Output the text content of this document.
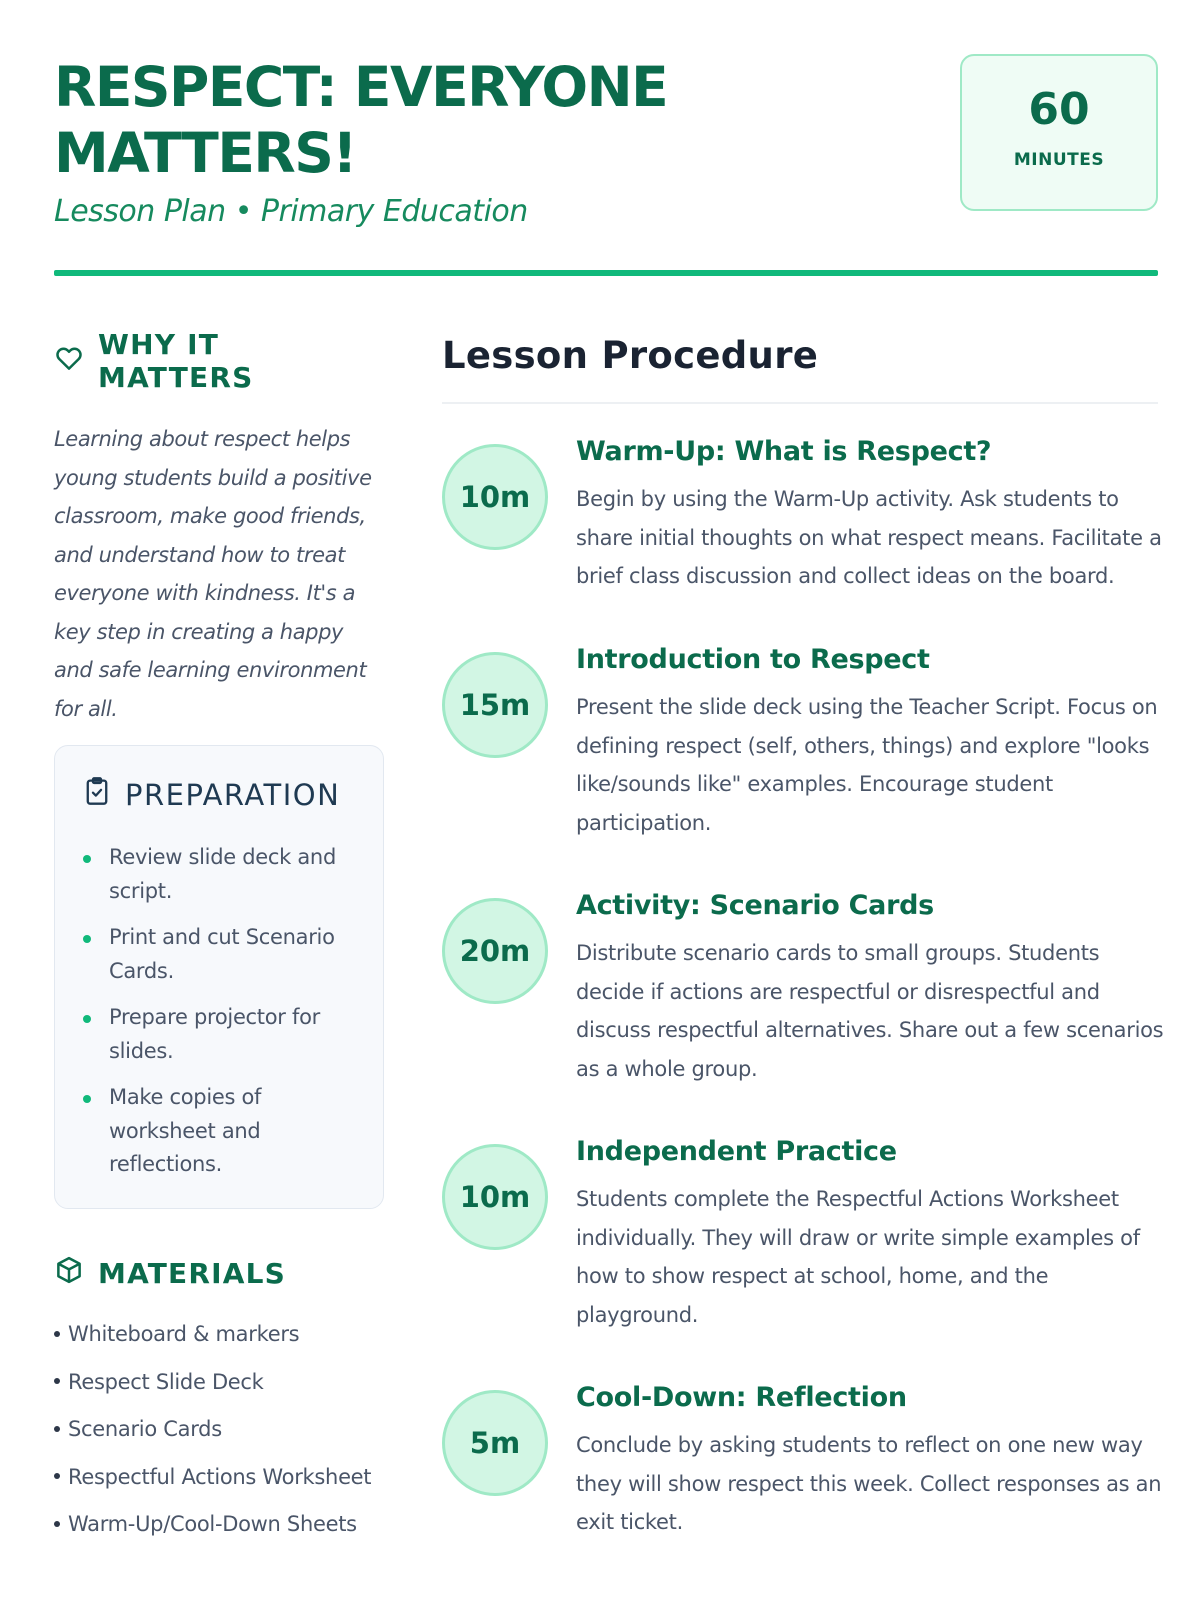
RESPECT: EVERYONE MATTERS!
Lesson Plan • Primary Education
60
MINUTES
WHY IT MATTERS

Learning about respect helps young students build a positive classroom, make good friends, and understand how to treat everyone with kindness. It's a key step in creating a happy and safe learning environment for all.

PREPARATION
Review slide deck and script.
Print and cut Scenario Cards.
Prepare projector for slides.
Make copies of worksheet and reflections.
MATERIALS
Whiteboard & markers
Respect Slide Deck
Scenario Cards
Respectful Actions Worksheet
Warm-Up/Cool-Down Sheets
Lesson Procedure
10m
Warm-Up: What is Respect?
Begin by using the Warm-Up activity. Ask students to share initial thoughts on what respect means. Facilitate a brief class discussion and collect ideas on the board.
15m
Introduction to Respect
Present the slide deck using the Teacher Script. Focus on defining respect (self, others, things) and explore "looks like/sounds like" examples. Encourage student participation.
20m
Activity: Scenario Cards
Distribute scenario cards to small groups. Students decide if actions are respectful or disrespectful and discuss respectful alternatives. Share out a few scenarios as a whole group.
10m
Independent Practice
Students complete the Respectful Actions Worksheet individually. They will draw or write simple examples of how to show respect at school, home, and the playground.
5m
Cool-Down: Reflection
Conclude by asking students to reflect on one new way they will show respect this week. Collect responses as an exit ticket.
